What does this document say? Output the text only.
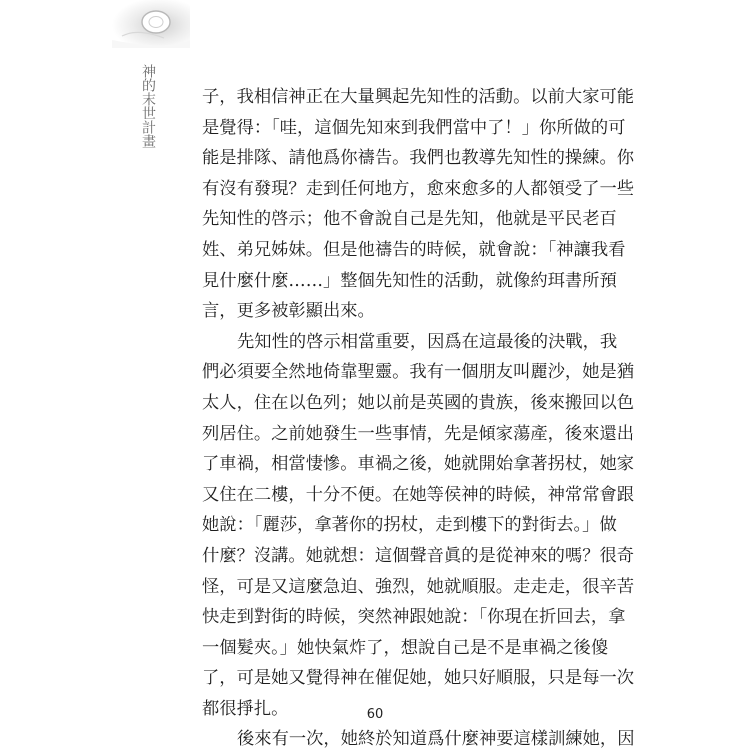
神的末世計畫	子，我相信神正在大量興起先知性的活動。以前大家可能
是覺得：「哇，這個先知來到我們當中了！」你所做的可
能是排隊、請他爲你禱告。我們也教導先知性的操練。你
有沒有發現？走到任何地方，愈來愈多的人都領受了一些
先知性的啓示；他不會說自己是先知，他就是平民老百
姓、弟兄姊妹。但是他禱告的時候，就會說：「神讓我看
見什麼什麼……」整個先知性的活動，就像約珥書所預
言，更多被彰顯出來。
先知性的啓示相當重要，因爲在這最後的決戰，我
們必須要全然地倚靠聖靈。我有一個朋友叫麗沙，她是猶
太人，住在以色列；她以前是英國的貴族，後來搬回以色
列居住。之前她發生一些事情，先是傾家蕩產，後來還出
了車禍，相當悽慘。車禍之後，她就開始拿著拐杖，她家
又住在二樓，十分不便。在她等侯神的時候，神常常會跟
她說：「麗莎，拿著你的拐杖，走到樓下的對街去。」做
什麼？沒講。她就想：這個聲音眞的是從神來的嗎？很奇
怪，可是又這麼急迫、強烈，她就順服。走走走，很辛苦
快走到對街的時候，突然神跟她說：「你現在折回去，拿
一個髮夾。」她快氣炸了，想說自己是不是車禍之後傻
了，可是她又覺得神在催促她，她只好順服，只是每一次
都很掙扎。
後來有一次，她終於知道爲什麼神要這樣訓練她，因
60
